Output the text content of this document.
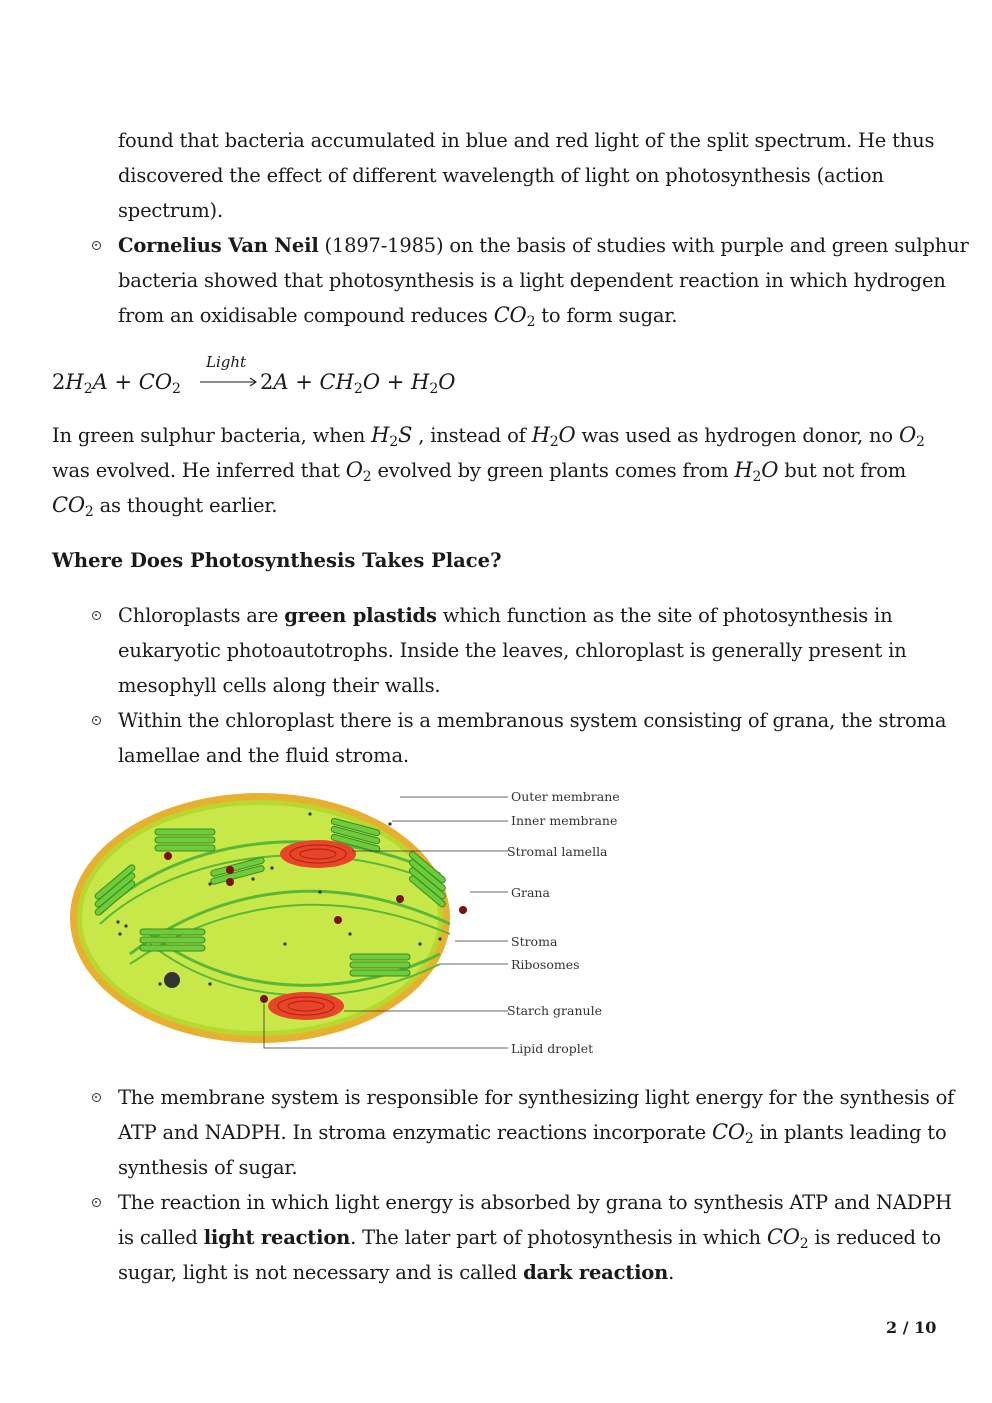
found that bacteria accumulated in blue and red light of the split spectrum. He thus
discovered the effect of different wavelength of light on photosynthesis (action
spectrum).
Cornelius Van Neil (1897-1985) on the basis of studies with purple and green sulphur
bacteria showed that photosynthesis is a light dependent reaction in which hydrogen
from an oxidisable compound reduces $CO_2$ to form sugar.
2H2A + CO2
Light
2A + CH2O + H2O
In green sulphur bacteria, when $H_2S$ , instead of $H_2O$ was used as hydrogen donor, no $O_2$
was evolved. He inferred that $O_2$ evolved by green plants comes from $H_2O$ but not from
$CO_2$ as thought earlier.
Where Does Photosynthesis Takes Place?
Chloroplasts are green plastids which function as the site of photosynthesis in
eukaryotic photoautotrophs. Inside the leaves, chloroplast is generally present in
mesophyll cells along their walls.
Within the chloroplast there is a membranous system consisting of grana, the stroma
lamellae and the fluid stroma.
Outer membrane
Inner membrane
Stromal lamella
Grana
Stroma
Ribosomes
Starch granule
Lipid droplet
The membrane system is responsible for synthesizing light energy for the synthesis of
ATP and NADPH. In stroma enzymatic reactions incorporate $CO_2$ in plants leading to
synthesis of sugar.
The reaction in which light energy is absorbed by grana to synthesis ATP and NADPH
is called light reaction. The later part of photosynthesis in which $CO_2$ is reduced to
sugar, light is not necessary and is called dark reaction.
2 / 10
